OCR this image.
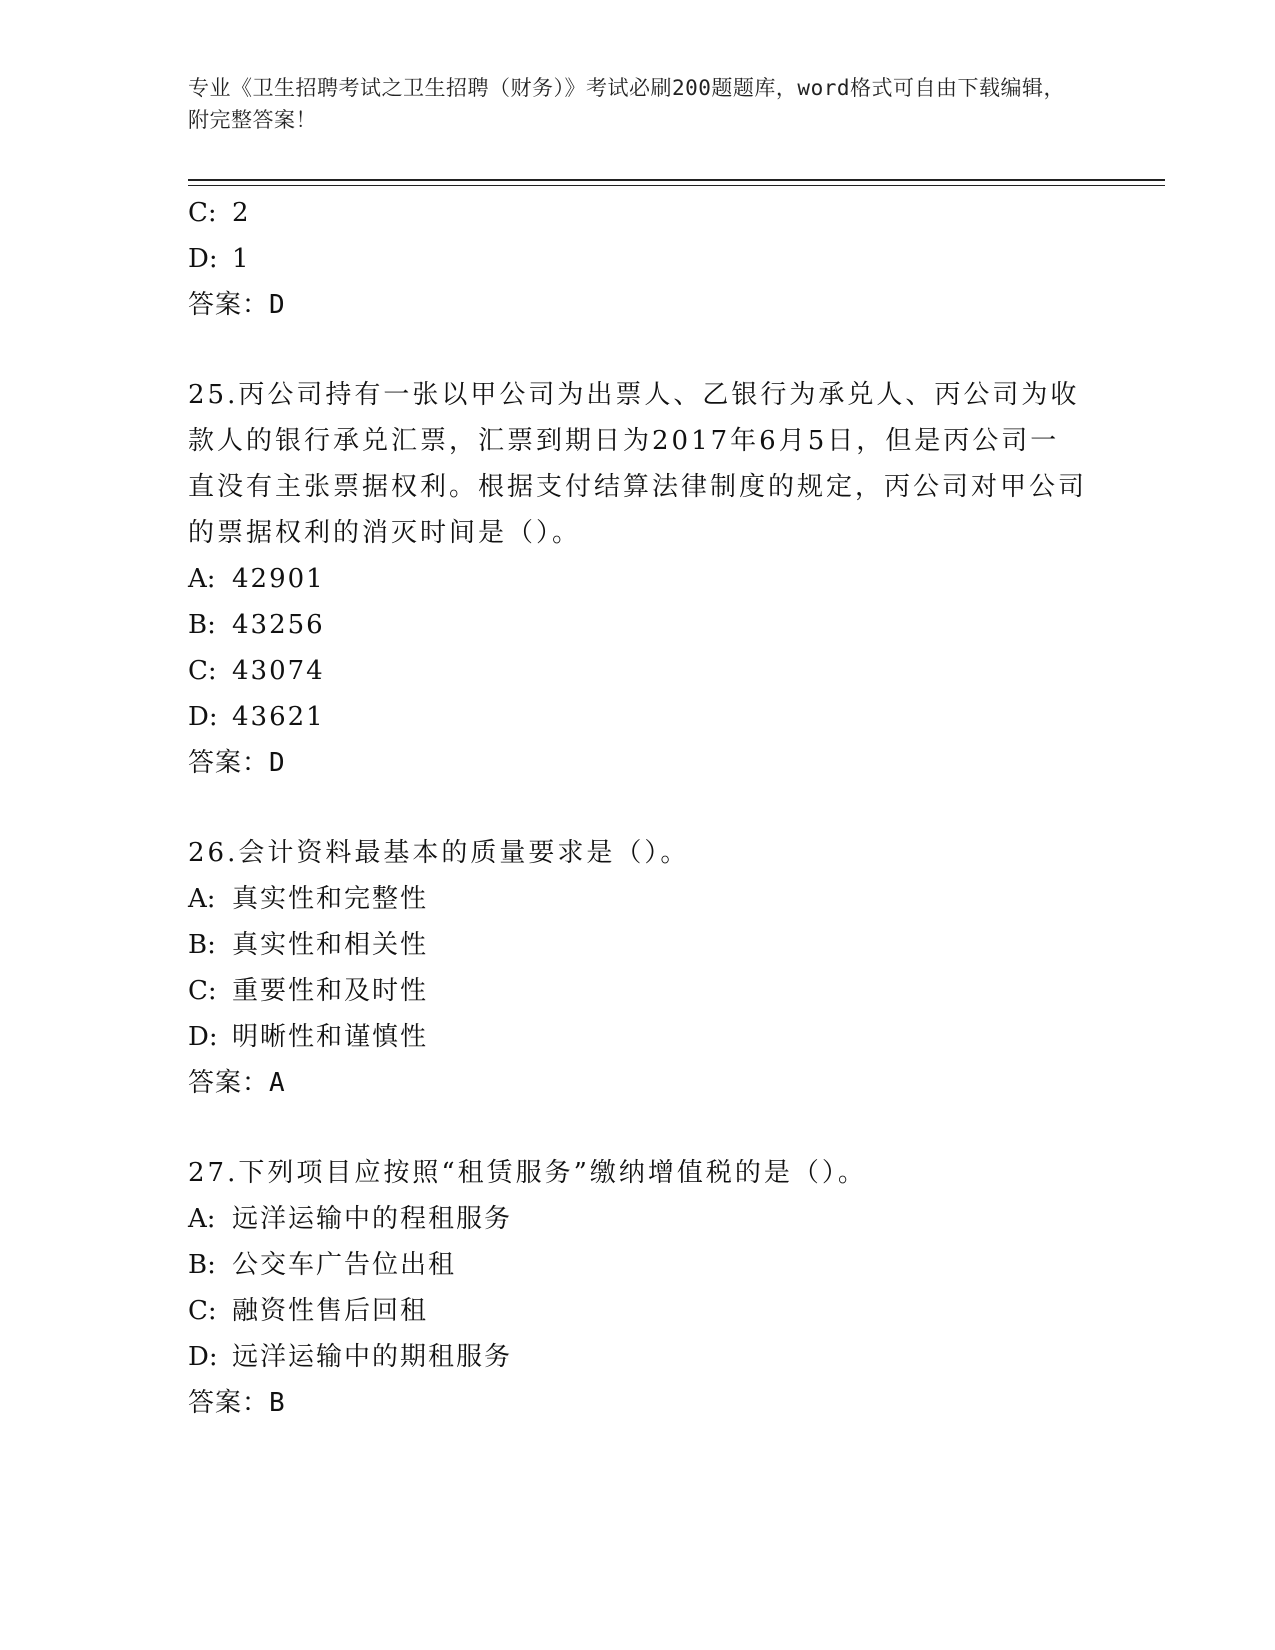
专业《卫生招聘考试之卫生招聘（财务）》考试必刷200题题库，word格式可自由下载编辑，附完整答案！
C: 2
D: 1
答案：D
25.丙公司持有一张以甲公司为出票人、乙银行为承兑人、丙公司为收款人的银行承兑汇票，汇票到期日为2017年6月5日，但是丙公司一直没有主张票据权利。根据支付结算法律制度的规定，丙公司对甲公司的票据权利的消灭时间是（）。
A: 42901
B: 43256
C: 43074
D: 43621
答案：D
26.会计资料最基本的质量要求是（）。
A: 真实性和完整性
B: 真实性和相关性
C: 重要性和及时性
D: 明晰性和谨慎性
答案：A
27.下列项目应按照“租赁服务”缴纳增值税的是（）。
A: 远洋运输中的程租服务
B: 公交车广告位出租
C: 融资性售后回租
D: 远洋运输中的期租服务
答案：B
